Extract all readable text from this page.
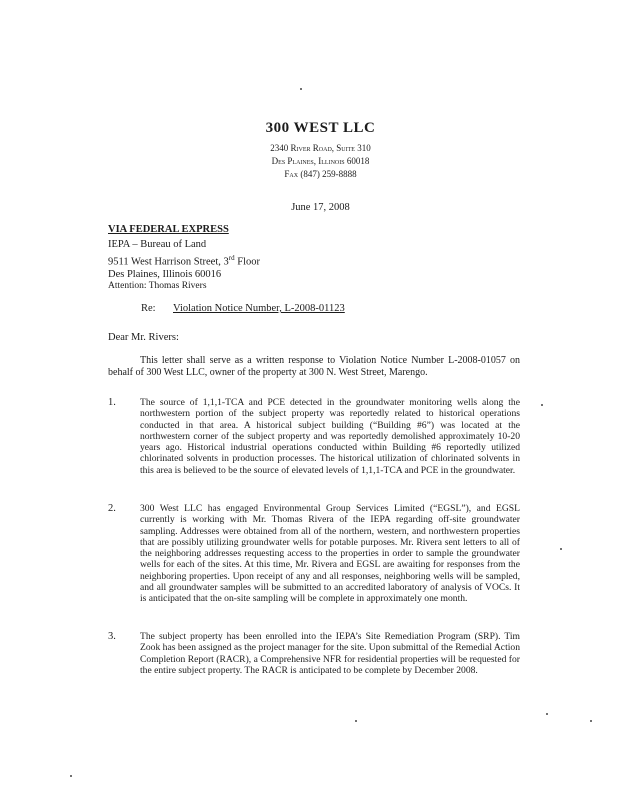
300 WEST LLC
2340 River Road, Suite 310
Des Plaines, Illinois 60018
Fax (847) 259-8888
June 17, 2008
VIA FEDERAL EXPRESS
IEPA – Bureau of Land
9511 West Harrison Street, 3rd Floor
Des Plaines, Illinois 60016
Attention: Thomas Rivers
Re: Violation Notice Number, L-2008-01123
Dear Mr. Rivers:
This letter shall serve as a written response to Violation Notice Number L-2008-01057 on behalf of 300 West LLC, owner of the property at 300 N. West Street, Marengo.
1.	The source of 1,1,1-TCA and PCE detected in the groundwater monitoring wells along the northwestern portion of the subject property was reportedly related to historical operations conducted in that area. A historical subject building (“Building #6”) was located at the northwestern corner of the subject property and was reportedly demolished approximately 10-20 years ago. Historical industrial operations conducted within Building #6 reportedly utilized chlorinated solvents in production processes. The historical utilization of chlorinated solvents in this area is believed to be the source of elevated levels of 1,1,1-TCA and PCE in the groundwater.
2.	300 West LLC has engaged Environmental Group Services Limited (“EGSL”), and EGSL currently is working with Mr. Thomas Rivera of the IEPA regarding off-site groundwater sampling. Addresses were obtained from all of the northern, western, and northwestern properties that are possibly utilizing groundwater wells for potable purposes. Mr. Rivera sent letters to all of the neighboring addresses requesting access to the properties in order to sample the groundwater wells for each of the sites. At this time, Mr. Rivera and EGSL are awaiting for responses from the neighboring properties. Upon receipt of any and all responses, neighboring wells will be sampled, and all groundwater samples will be submitted to an accredited laboratory of analysis of VOCs. It is anticipated that the on-site sampling will be complete in approximately one month.
3.	The subject property has been enrolled into the IEPA’s Site Remediation Program (SRP). Tim Zook has been assigned as the project manager for the site. Upon submittal of the Remedial Action Completion Report (RACR), a Comprehensive NFR for residential properties will be requested for the entire subject property. The RACR is anticipated to be complete by December 2008.
